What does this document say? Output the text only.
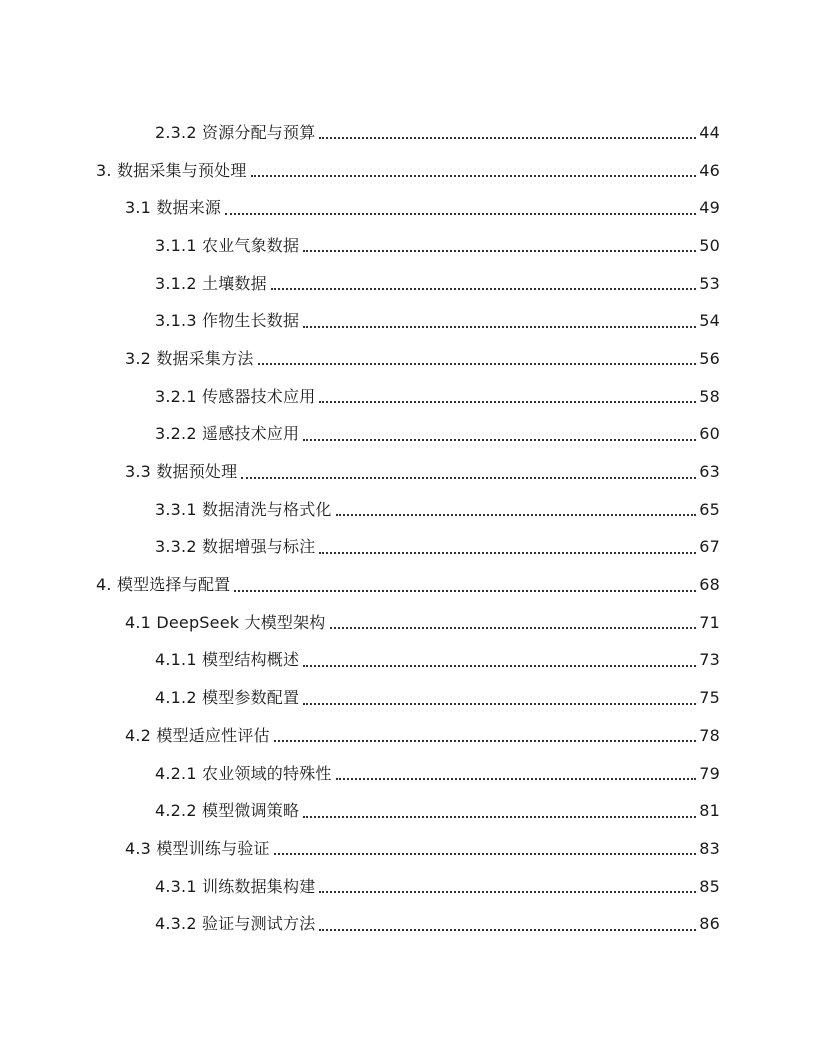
2.3.2 资源分配与预算	44
3. 数据采集与预处理	46
3.1 数据来源	49
3.1.1 农业气象数据	50
3.1.2 土壤数据	53
3.1.3 作物生长数据	54
3.2 数据采集方法	56
3.2.1 传感器技术应用	58
3.2.2 遥感技术应用	60
3.3 数据预处理	63
3.3.1 数据清洗与格式化	65
3.3.2 数据增强与标注	67
4. 模型选择与配置	68
4.1 DeepSeek 大模型架构	71
4.1.1 模型结构概述	73
4.1.2 模型参数配置	75
4.2 模型适应性评估	78
4.2.1 农业领域的特殊性	79
4.2.2 模型微调策略	81
4.3 模型训练与验证	83
4.3.1 训练数据集构建	85
4.3.2 验证与测试方法	86
